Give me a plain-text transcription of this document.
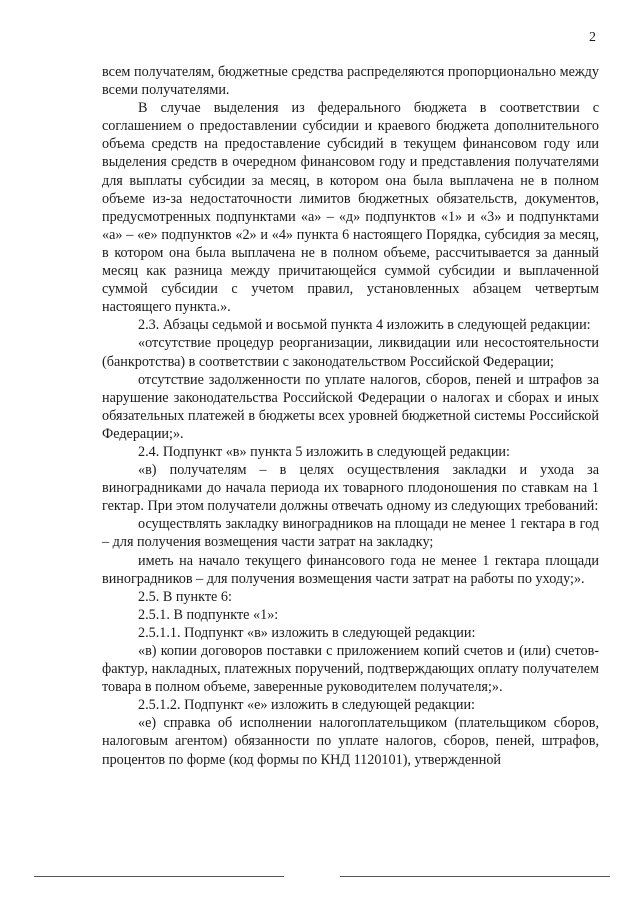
2

всем получателям, бюджетные средства распределяются пропорционально между всеми получателями.

В случае выделения из федерального бюджета в соответствии с соглашением о предоставлении субсидии и краевого бюджета дополнительного объема средств на предоставление субсидий в текущем финансовом году или выделения средств в очередном финансовом году и представления получателями для выплаты субсидии за месяц, в котором она была выплачена не в полном объеме из-за недостаточности лимитов бюджетных обязательств, документов, предусмотренных подпунктами «а» – «д» подпунктов «1» и «3» и подпунктами «а» – «е» подпунктов «2» и «4» пункта 6 настоящего Порядка, субсидия за месяц, в котором она была выплачена не в полном объеме, рассчитывается за данный месяц как разница между причитающейся суммой субсидии и выплаченной суммой субсидии с учетом правил, установленных абзацем четвертым настоящего пункта.».

2.3. Абзацы седьмой и восьмой пункта 4 изложить в следующей редакции:

«отсутствие процедур реорганизации, ликвидации или несостоятельности (банкротства) в соответствии с законодательством Российской Федерации;

отсутствие задолженности по уплате налогов, сборов, пеней и штрафов за нарушение законодательства Российской Федерации о налогах и сборах и иных обязательных платежей в бюджеты всех уровней бюджетной системы Российской Федерации;».

2.4. Подпункт «в» пункта 5 изложить в следующей редакции:

«в) получателям – в целях осуществления закладки и ухода за виноградниками до начала периода их товарного плодоношения по ставкам на 1 гектар. При этом получатели должны отвечать одному из следующих требований:

осуществлять закладку виноградников на площади не менее 1 гектара в год – для получения возмещения части затрат на закладку;

иметь на начало текущего финансового года не менее 1 гектара площади виноградников – для получения возмещения части затрат на работы по уходу;».

2.5. В пункте 6:

2.5.1. В подпункте «1»:

2.5.1.1. Подпункт «в» изложить в следующей редакции:

«в) копии договоров поставки с приложением копий счетов и (или) счетов-фактур, накладных, платежных поручений, подтверждающих оплату получателем товара в полном объеме, заверенные руководителем получателя;».

2.5.1.2. Подпункт «е» изложить в следующей редакции:

«е) справка об исполнении налогоплательщиком (плательщиком сборов, налоговым агентом) обязанности по уплате налогов, сборов, пеней, штрафов, процентов по форме (код формы по КНД 1120101), утвержденной
